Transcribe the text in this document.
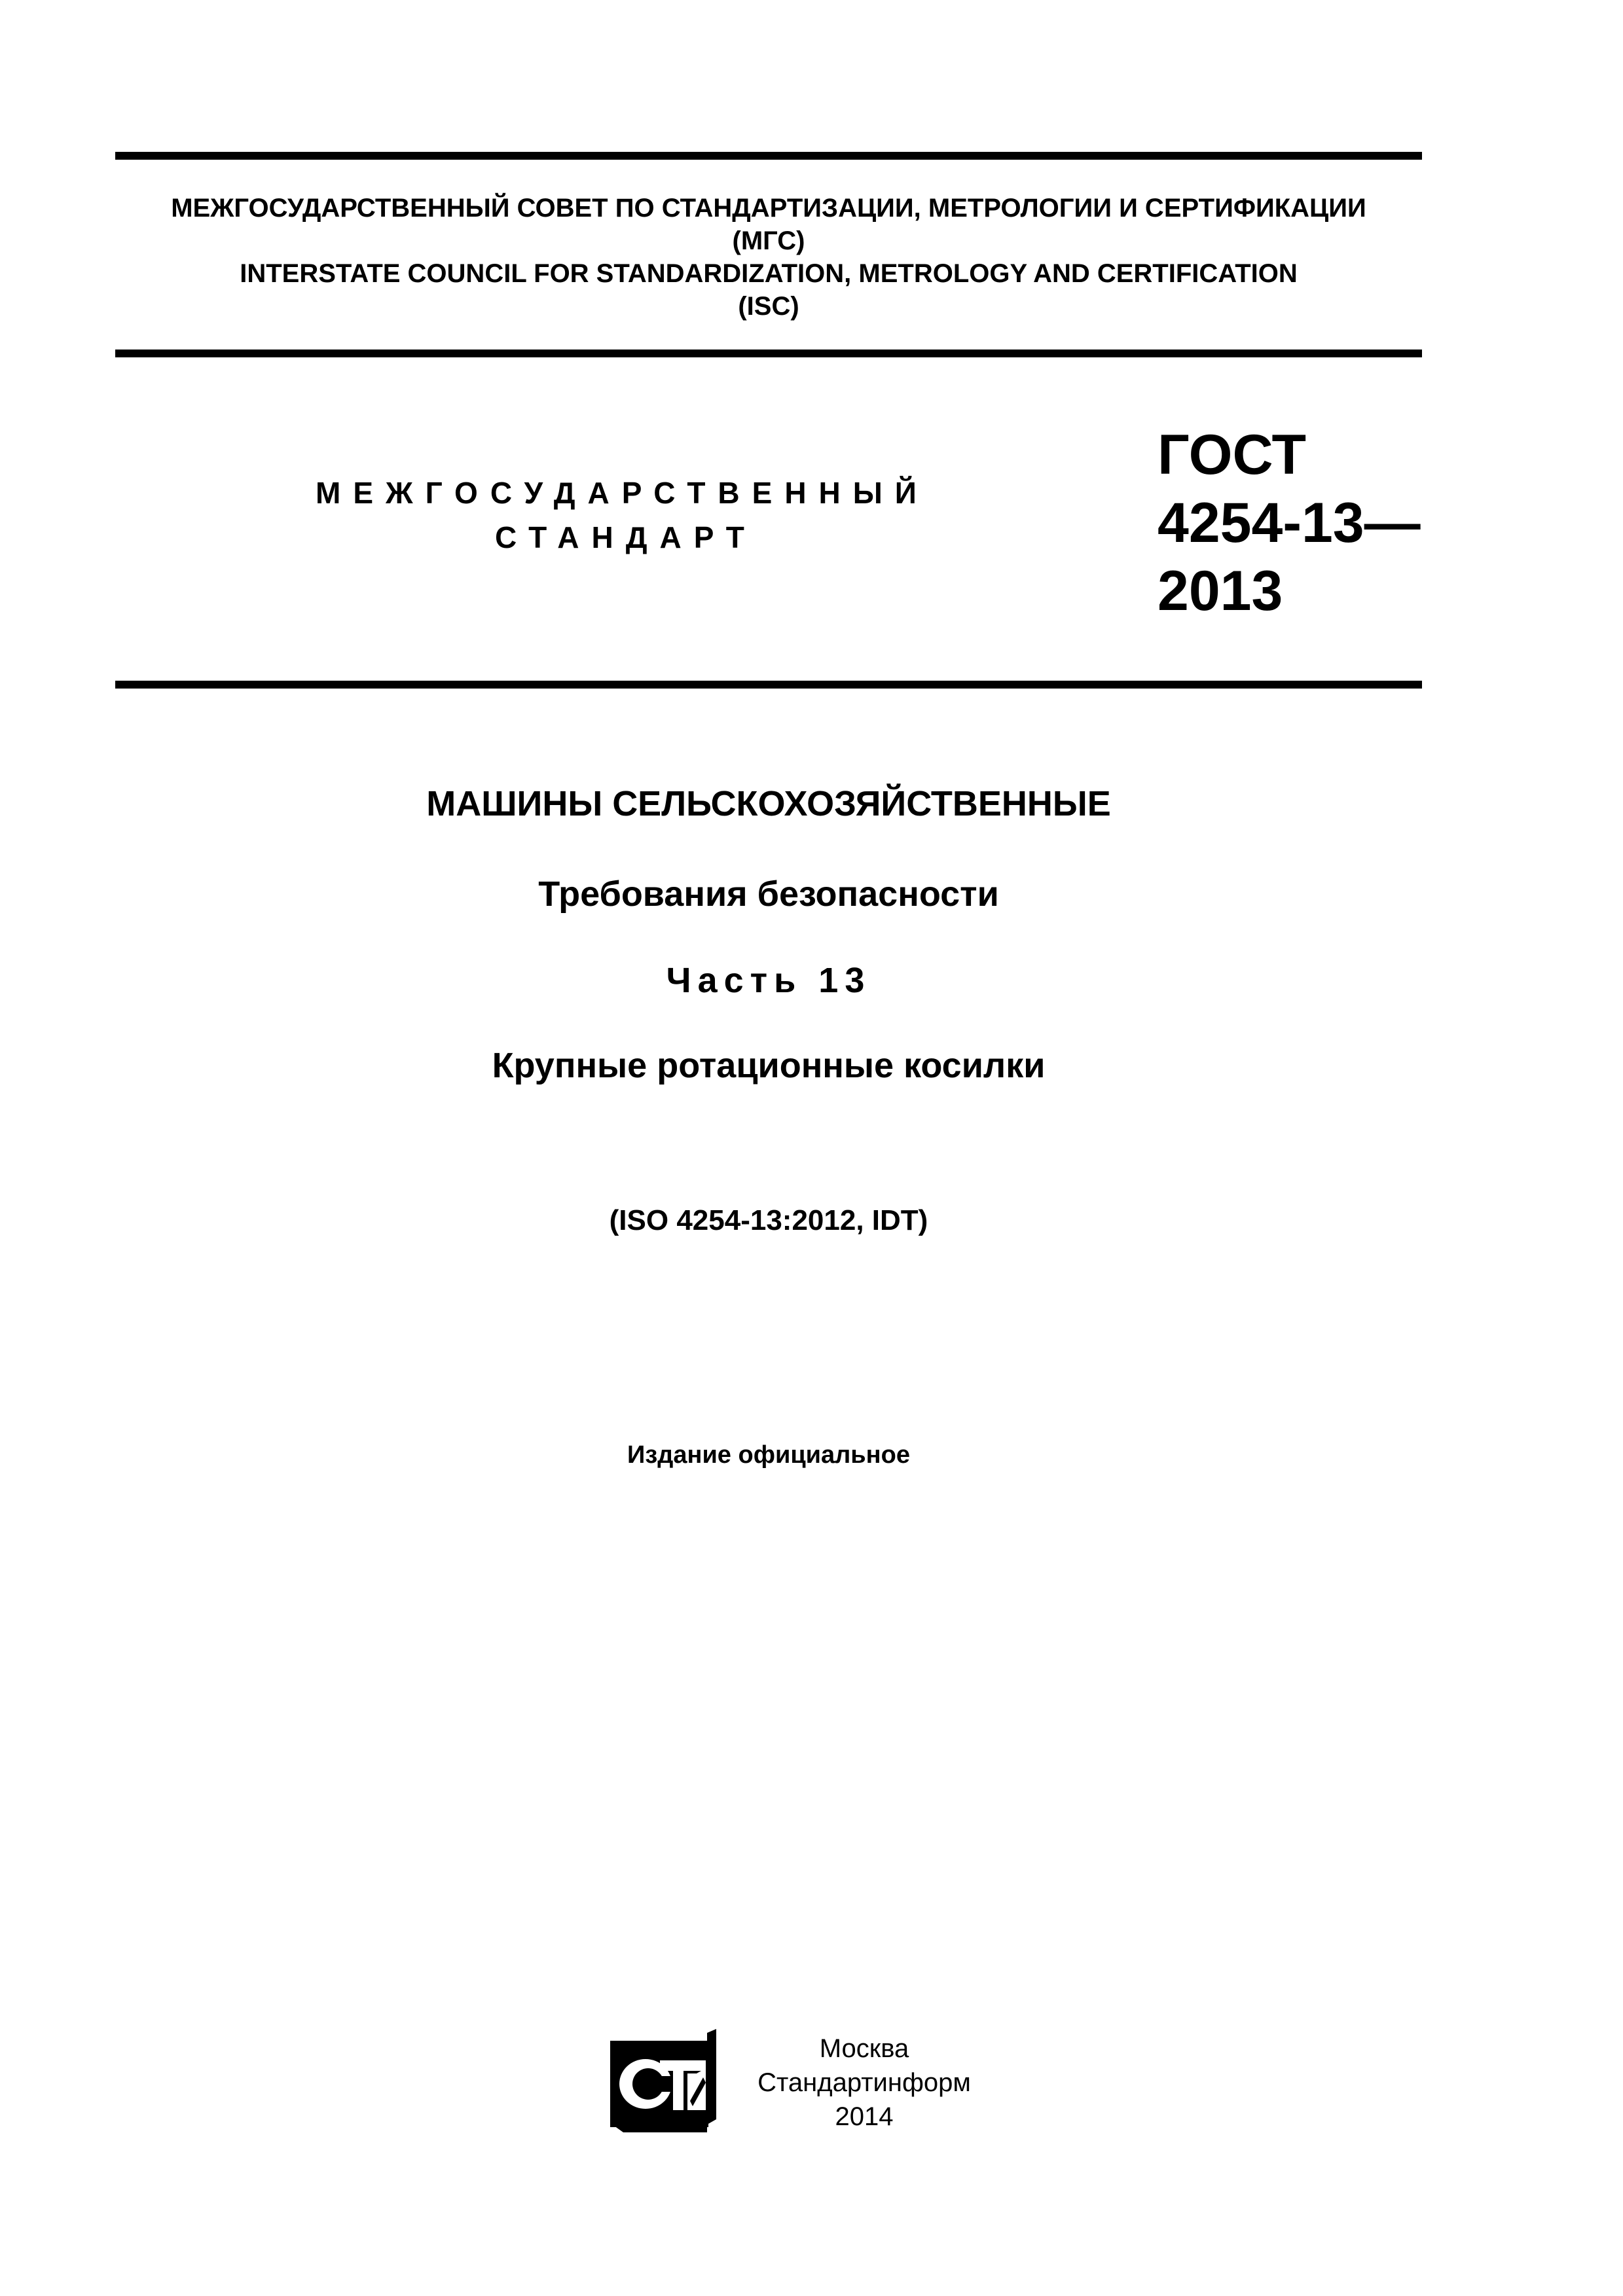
МЕЖГОСУДАРСТВЕННЫЙ СОВЕТ ПО СТАНДАРТИЗАЦИИ, МЕТРОЛОГИИ И СЕРТИФИКАЦИИ
(МГС)
INTERSTATE COUNCIL FOR STANDARDIZATION, METROLOGY AND CERTIFICATION
(ISC)
МЕЖГОСУДАРСТВЕННЫЙ
СТАНДАРТ
ГОСТ
4254-13—
2013
МАШИНЫ СЕЛЬСКОХОЗЯЙСТВЕННЫЕ
Требования безопасности
Часть 13
Крупные ротационные косилки
(ISO 4254-13:2012, IDT)
Издание официальное
Москва
Стандартинформ
2014
